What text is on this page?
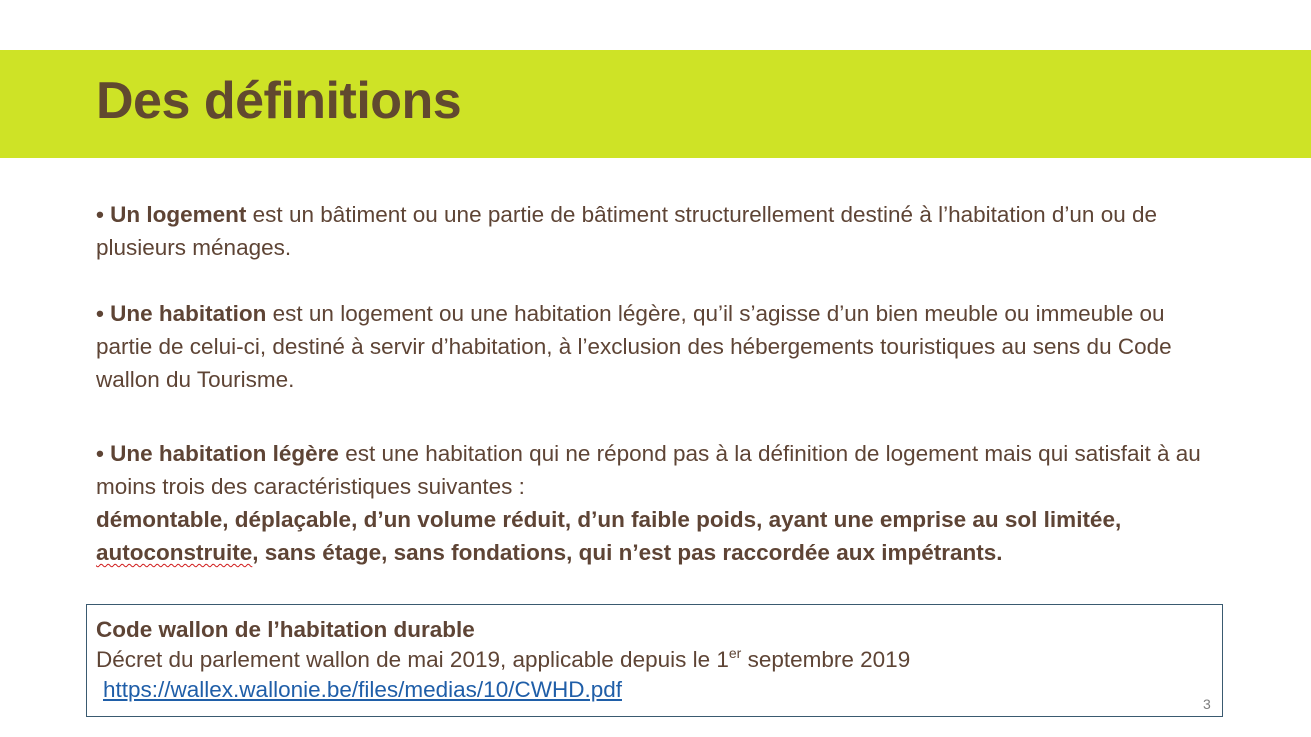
Des définitions

• Un logement est un bâtiment ou une partie de bâtiment structurellement destiné à l’habitation d’un ou de plusieurs ménages.

• Une habitation est un logement ou une habitation légère, qu’il s’agisse d’un bien meuble ou immeuble ou partie de celui-ci, destiné à servir d’habitation, à l’exclusion des hébergements touristiques au sens du Code wallon du Tourisme.

• Une habitation légère est une habitation qui ne répond pas à la définition de logement mais qui satisfait à au moins trois des caractéristiques suivantes :
démontable, déplaçable, d’un volume réduit, d’un faible poids, ayant une emprise au sol limitée, autoconstruite, sans étage, sans fondations, qui n’est pas raccordée aux impétrants.

Code wallon de l’habitation durable

Décret du parlement wallon de mai 2019, applicable depuis le 1er septembre 2019

https://wallex.wallonie.be/files/medias/10/CWHD.pdf
3
